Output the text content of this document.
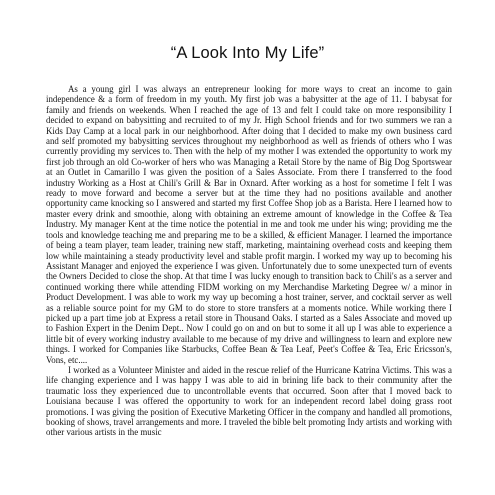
“A Look Into My Life”

As a young girl I was always an entrepreneur looking for more ways to creat an income to gain independence & a form of freedom in my youth. My first job was a babysitter at the age of 11. I babysat for family and friends on weekends. When I reached the age of 13 and felt I could take on more responsibility I decided to expand on babysitting and recruited to of my Jr. High School friends and for two summers we ran a Kids Day Camp at a local park in our neighborhood. After doing that I decided to make my own business card and self promoted my babysitting services throughout my neighborhood as well as friends of others who I was currently providing my services to. Then with the help of my mother I was extended the opportunity to work my first job through an old Co-worker of hers who was Managing a Retail Store by the name of Big Dog Sportswear at an Outlet in Camarillo I was given the position of a Sales Associate. From there I transferred to the food industry Working as a Host at Chili's Grill & Bar in Oxnard. After working as a host for sometime I felt I was ready to move forward and become a server but at the time they had no positions available and another opportunity came knocking so I answered and started my first Coffee Shop job as a Barista. Here I learned how to master every drink and smoothie, along with obtaining an extreme amount of knowledge in the Coffee & Tea Industry. My manager Kent at the time notice the potential in me and took me under his wing; providing me the tools and knowledge teaching me and preparing me to be a skilled, & efficient Manager. I learned the importance of being a team player, team leader, training new staff, marketing, maintaining overhead costs and keeping them low while maintaining a steady productivity level and stable profit margin. I worked my way up to becoming his Assistant Manager and enjoyed the experience I was given. Unfortunately due to some unexpected turn of events the Owners Decided to close the shop. At that time I was lucky enough to transition back to Chili's as a server and continued working there while attending FIDM working on my Merchandise Marketing Degree w/ a minor in Product Development. I was able to work my way up becoming a host trainer, server, and cocktail server as well as a reliable source point for my GM to do store to store transfers at a moments notice. While working there I picked up a part time job at Express a retail store in Thousand Oaks. I started as a Sales Associate and moved up to Fashion Expert in the Denim Dept.. Now I could go on and on but to some it all up I was able to experience a little bit of every working industry available to me because of my drive and willingness to learn and explore new things. I worked for Companies like Starbucks, Coffee Bean & Tea Leaf, Peet's Coffee & Tea, Eric Ericsson's, Vons, etc....

I worked as a Volunteer Minister and aided in the rescue relief of the Hurricane Katrina Victims. This was a life changing experience and I was happy I was able to aid in brining life back to their community after the traumatic loss they experienced due to uncontrollable events that occurred. Soon after that I moved back to Louisiana because I was offered the opportunity to work for an independent record label doing grass root promotions. I was giving the position of Executive Marketing Officer in the company and handled all promotions, booking of shows, travel arrangements and more. I traveled the bible belt promoting Indy artists and working with other various artists in the music
